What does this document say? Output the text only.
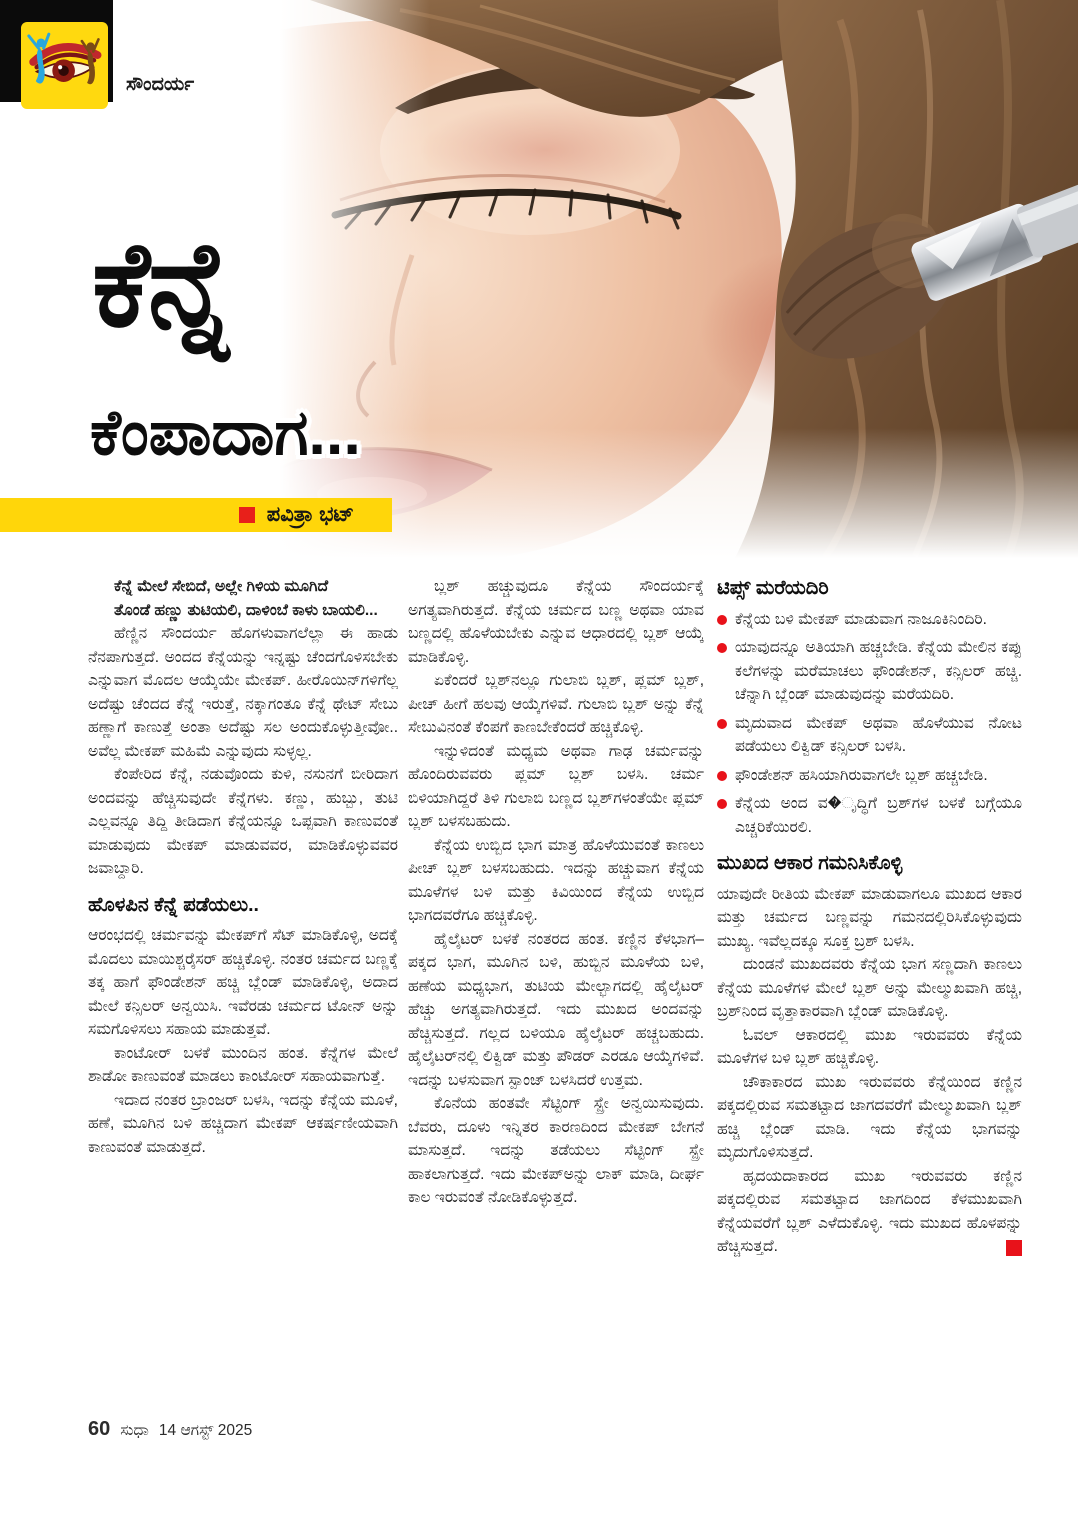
ಸೌಂದರ್ಯ
ಕೆನ್ನೆ
ಕೆಂಪಾದಾಗ...
ಪವಿತ್ರಾ ಭಟ್

ಕೆನ್ನೆ ಮೇಲೆ ಸೇಬಿದೆ, ಅಲ್ಲೇ ಗಿಳಿಯ ಮೂಗಿದೆ

ತೊಂಡೆ ಹಣ್ಣು ತುಟಿಯಲಿ, ದಾಳಿಂಬೆ ಕಾಳು ಬಾಯಲಿ...

ಹೆಣ್ಣಿನ ಸೌಂದರ್ಯ ಹೊಗಳುವಾಗಲೆಲ್ಲಾ ಈ ಹಾಡು ನೆನಪಾಗುತ್ತದೆ. ಅಂದದ ಕೆನ್ನೆಯನ್ನು ಇನ್ನಷ್ಟು ಚೆಂದಗೊಳಿಸಬೇಕು ಎನ್ನುವಾಗ ಮೊದಲ ಆಯ್ಕೆಯೇ ಮೇಕಪ್. ಹೀರೊಯಿನ್‌ಗಳಿಗೆಲ್ಲ ಅದೆಷ್ಟು ಚೆಂದದ ಕೆನ್ನೆ ಇರುತ್ತೆ, ನಕ್ಕಾಗಂತೂ ಕೆನ್ನೆ ಥೇಟ್ ಸೇಬು ಹಣ್ಣಾಗೆ ಕಾಣುತ್ತೆ ಅಂತಾ ಅದೆಷ್ಟು ಸಲ ಅಂದುಕೊಳ್ಳುತ್ತೀವೋ.. ಅವೆಲ್ಲ ಮೇಕಪ್ ಮಹಿಮೆ ಎನ್ನುವುದು ಸುಳ್ಳಲ್ಲ.

ಕೆಂಪೇರಿದ ಕೆನ್ನೆ, ನಡುವೊಂದು ಕುಳಿ, ನಸುನಗೆ ಬೀರಿದಾಗ ಅಂದವನ್ನು ಹೆಚ್ಚಿಸುವುದೇ ಕೆನ್ನೆಗಳು. ಕಣ್ಣು, ಹುಬ್ಬು, ತುಟಿ ಎಲ್ಲವನ್ನೂ ತಿದ್ದಿ ತೀಡಿದಾಗ ಕೆನ್ನೆಯನ್ನೂ ಒಪ್ಪವಾಗಿ ಕಾಣುವಂತೆ ಮಾಡುವುದು ಮೇಕಪ್ ಮಾಡುವವರ, ಮಾಡಿಕೊಳ್ಳುವವರ ಜವಾಬ್ದಾರಿ.

ಹೊಳಪಿನ ಕೆನ್ನೆ ಪಡೆಯಲು..

ಆರಂಭದಲ್ಲಿ ಚರ್ಮವನ್ನು ಮೇಕಪ್‌ಗೆ ಸೆಟ್ ಮಾಡಿಕೊಳ್ಳಿ, ಅದಕ್ಕೆ ಮೊದಲು ಮಾಯಿಶ್ಚರೈಸರ್ ಹಚ್ಚಿಕೊಳ್ಳಿ. ನಂತರ ಚರ್ಮದ ಬಣ್ಣಕ್ಕೆ ತಕ್ಕ ಹಾಗೆ ಫೌಂಡೇಶನ್ ಹಚ್ಚಿ ಬ್ಲೆಂಡ್ ಮಾಡಿಕೊಳ್ಳಿ, ಅದಾದ ಮೇಲೆ ಕನ್ಸಿಲರ್ ಅನ್ವಯಿಸಿ. ಇವೆರಡು ಚರ್ಮದ ಟೋನ್ ಅನ್ನು ಸಮಗೊಳಿಸಲು ಸಹಾಯ ಮಾಡುತ್ತವೆ.

ಕಾಂಟೋರ್ ಬಳಕೆ ಮುಂದಿನ ಹಂತ. ಕೆನ್ನೆಗಳ ಮೇಲೆ ಶಾಡೋ ಕಾಣುವಂತೆ ಮಾಡಲು ಕಾಂಟೋರ್ ಸಹಾಯವಾಗುತ್ತೆ.

ಇದಾದ ನಂತರ ಬ್ರಾಂಜರ್ ಬಳಸಿ, ಇದನ್ನು ಕೆನ್ನೆಯ ಮೂಳೆ, ಹಣೆ, ಮೂಗಿನ ಬಳಿ ಹಚ್ಚಿದಾಗ ಮೇಕಪ್ ಆಕರ್ಷಣೀಯವಾಗಿ ಕಾಣುವಂತೆ ಮಾಡುತ್ತದೆ.

ಬ್ಲಶ್ ಹಚ್ಚುವುದೂ ಕೆನ್ನೆಯ ಸೌಂದರ್ಯಕ್ಕೆ ಅಗತ್ಯವಾಗಿರುತ್ತದೆ. ಕೆನ್ನೆಯ ಚರ್ಮದ ಬಣ್ಣ ಅಥವಾ ಯಾವ ಬಣ್ಣದಲ್ಲಿ ಹೊಳೆಯಬೇಕು ಎನ್ನುವ ಆಧಾರದಲ್ಲಿ ಬ್ಲಶ್ ಆಯ್ಕೆ ಮಾಡಿಕೊಳ್ಳಿ.

ಏಕೆಂದರೆ ಬ್ಲಶ್‌ನಲ್ಲೂ ಗುಲಾಬಿ ಬ್ಲಶ್, ಪ್ಲಮ್ ಬ್ಲಶ್, ಪೀಚ್ ಹೀಗೆ ಹಲವು ಆಯ್ಕೆಗಳಿವೆ. ಗುಲಾಬಿ ಬ್ಲಶ್ ಅನ್ನು ಕೆನ್ನೆ ಸೇಬುವಿನಂತೆ ಕೆಂಪಗೆ ಕಾಣಬೇಕೆಂದರೆ ಹಚ್ಚಿಕೊಳ್ಳಿ.

ಇನ್ನುಳಿದಂತೆ ಮಧ್ಯಮ ಅಥವಾ ಗಾಢ ಚರ್ಮವನ್ನು ಹೊಂದಿರುವವರು ಪ್ಲಮ್ ಬ್ಲಶ್ ಬಳಸಿ. ಚರ್ಮ ಬಿಳಿಯಾಗಿದ್ದರೆ ತಿಳಿ ಗುಲಾಬಿ ಬಣ್ಣದ ಬ್ಲಶ್‌ಗಳಂತೆಯೇ ಪ್ಲಮ್ ಬ್ಲಶ್ ಬಳಸಬಹುದು.

ಕೆನ್ನೆಯ ಉಬ್ಬಿದ ಭಾಗ ಮಾತ್ರ ಹೊಳೆಯುವಂತೆ ಕಾಣಲು ಪೀಚ್ ಬ್ಲಶ್ ಬಳಸಬಹುದು. ಇದನ್ನು ಹಚ್ಚುವಾಗ ಕೆನ್ನೆಯ ಮೂಳೆಗಳ ಬಳಿ ಮತ್ತು ಕಿವಿಯಿಂದ ಕೆನ್ನೆಯ ಉಬ್ಬಿದ ಭಾಗದವರೆಗೂ ಹಚ್ಚಿಕೊಳ್ಳಿ.

ಹೈಲೈಟರ್ ಬಳಕೆ ನಂತರದ ಹಂತ. ಕಣ್ಣಿನ ಕೆಳಭಾಗ– ಪಕ್ಕದ ಭಾಗ, ಮೂಗಿನ ಬಳಿ, ಹುಬ್ಬಿನ ಮೂಳೆಯ ಬಳಿ, ಹಣೆಯ ಮಧ್ಯಭಾಗ, ತುಟಿಯ ಮೇಲ್ಭಾಗದಲ್ಲಿ ಹೈಲೈಟರ್ ಹೆಚ್ಚು ಅಗತ್ಯವಾಗಿರುತ್ತದೆ. ಇದು ಮುಖದ ಅಂದವನ್ನು ಹೆಚ್ಚಿಸುತ್ತದೆ. ಗಲ್ಲದ ಬಳಿಯೂ ಹೈಲೈಟರ್ ಹಚ್ಚಬಹುದು. ಹೈಲೈಟರ್‌ನಲ್ಲಿ ಲಿಕ್ವಿಡ್ ಮತ್ತು ಪೌಡರ್ ಎರಡೂ ಆಯ್ಕೆಗಳಿವೆ. ಇದನ್ನು ಬಳಸುವಾಗ ಸ್ಪಾಂಜ್ ಬಳಸಿದರೆ ಉತ್ತಮ.

ಕೊನೆಯ ಹಂತವೇ ಸೆಟ್ಟಿಂಗ್ ಸ್ಪ್ರೇ ಅನ್ವಯಿಸುವುದು. ಬೆವರು, ದೂಳು ಇನ್ನಿತರ ಕಾರಣದಿಂದ ಮೇಕಪ್ ಬೇಗನೆ ಮಾಸುತ್ತದೆ. ಇದನ್ನು ತಡೆಯಲು ಸೆಟ್ಟಿಂಗ್ ಸ್ಪ್ರೇ ಹಾಕಲಾಗುತ್ತದೆ. ಇದು ಮೇಕಪ್‌ಅನ್ನು ಲಾಕ್ ಮಾಡಿ, ದೀರ್ಘ ಕಾಲ ಇರುವಂತೆ ನೋಡಿಕೊಳ್ಳುತ್ತದೆ.

ಟಿಪ್ಸ್ ಮರೆಯದಿರಿ
ಕೆನ್ನೆಯ ಬಳಿ ಮೇಕಪ್ ಮಾಡುವಾಗ ನಾಜೂಕಿನಿಂದಿರಿ.
ಯಾವುದನ್ನೂ ಅತಿಯಾಗಿ ಹಚ್ಚಬೇಡಿ. ಕೆನ್ನೆಯ ಮೇಲಿನ ಕಪ್ಪು ಕಲೆಗಳನ್ನು ಮರೆಮಾಚಲು ಫೌಂಡೇಶನ್, ಕನ್ಸಿಲರ್ ಹಚ್ಚಿ. ಚೆನ್ನಾಗಿ ಬ್ಲೆಂಡ್ ಮಾಡುವುದನ್ನು ಮರೆಯದಿರಿ.
ಮೃದುವಾದ ಮೇಕಪ್ ಅಥವಾ ಹೊಳೆಯುವ ನೋಟ ಪಡೆಯಲು ಲಿಕ್ವಿಡ್ ಕನ್ಸಿಲರ್ ಬಳಸಿ.
ಫೌಂಡೇಶನ್ ಹಸಿಯಾಗಿರುವಾಗಲೇ ಬ್ಲಶ್ ಹಚ್ಚಬೇಡಿ.
ಕೆನ್ನೆಯ ಅಂದ ವ�ೃದ್ಧಿಗೆ ಬ್ರಶ್‌ಗಳ ಬಳಕೆ ಬಗ್ಗೆಯೂ ಎಚ್ಚರಿಕೆಯಿರಲಿ.
ಮುಖದ ಆಕಾರ ಗಮನಿಸಿಕೊಳ್ಳಿ

ಯಾವುದೇ ರೀತಿಯ ಮೇಕಪ್ ಮಾಡುವಾಗಲೂ ಮುಖದ ಆಕಾರ ಮತ್ತು ಚರ್ಮದ ಬಣ್ಣವನ್ನು ಗಮನದಲ್ಲಿರಿಸಿಕೊಳ್ಳುವುದು ಮುಖ್ಯ. ಇವೆಲ್ಲದಕ್ಕೂ ಸೂಕ್ತ ಬ್ರಶ್ ಬಳಸಿ.

ದುಂಡನೆ ಮುಖದವರು ಕೆನ್ನೆಯ ಭಾಗ ಸಣ್ಣದಾಗಿ ಕಾಣಲು ಕೆನ್ನೆಯ ಮೂಳೆಗಳ ಮೇಲೆ ಬ್ಲಶ್ ಅನ್ನು ಮೇಲ್ಮುಖವಾಗಿ ಹಚ್ಚಿ, ಬ್ರಶ್‌ನಿಂದ ವೃತ್ತಾಕಾರವಾಗಿ ಬ್ಲೆಂಡ್ ಮಾಡಿಕೊಳ್ಳಿ.

ಓವಲ್ ಆಕಾರದಲ್ಲಿ ಮುಖ ಇರುವವರು ಕೆನ್ನೆಯ ಮೂಳೆಗಳ ಬಳಿ ಬ್ಲಶ್ ಹಚ್ಚಿಕೊಳ್ಳಿ.

ಚೌಕಾಕಾರದ ಮುಖ ಇರುವವರು ಕೆನ್ನೆಯಿಂದ ಕಣ್ಣಿನ ಪಕ್ಕದಲ್ಲಿರುವ ಸಮತಟ್ಟಾದ ಜಾಗದವರೆಗೆ ಮೇಲ್ಮುಖವಾಗಿ ಬ್ಲಶ್ ಹಚ್ಚಿ ಬ್ಲೆಂಡ್ ಮಾಡಿ. ಇದು ಕೆನ್ನೆಯ ಭಾಗವನ್ನು ಮೃದುಗೊಳಿಸುತ್ತದೆ.

ಹೃದಯದಾಕಾರದ ಮುಖ ಇರುವವರು ಕಣ್ಣಿನ ಪಕ್ಕದಲ್ಲಿರುವ ಸಮತಟ್ಟಾದ ಜಾಗದಿಂದ ಕೆಳಮುಖವಾಗಿ ಕೆನ್ನೆಯವರೆಗೆ ಬ್ಲಶ್ ಎಳೆದುಕೊಳ್ಳಿ. ಇದು ಮುಖದ ಹೊಳಪನ್ನು ಹೆಚ್ಚಿಸುತ್ತದೆ.

60 ಸುಧಾ 14 ಆಗಸ್ಟ್ 2025
